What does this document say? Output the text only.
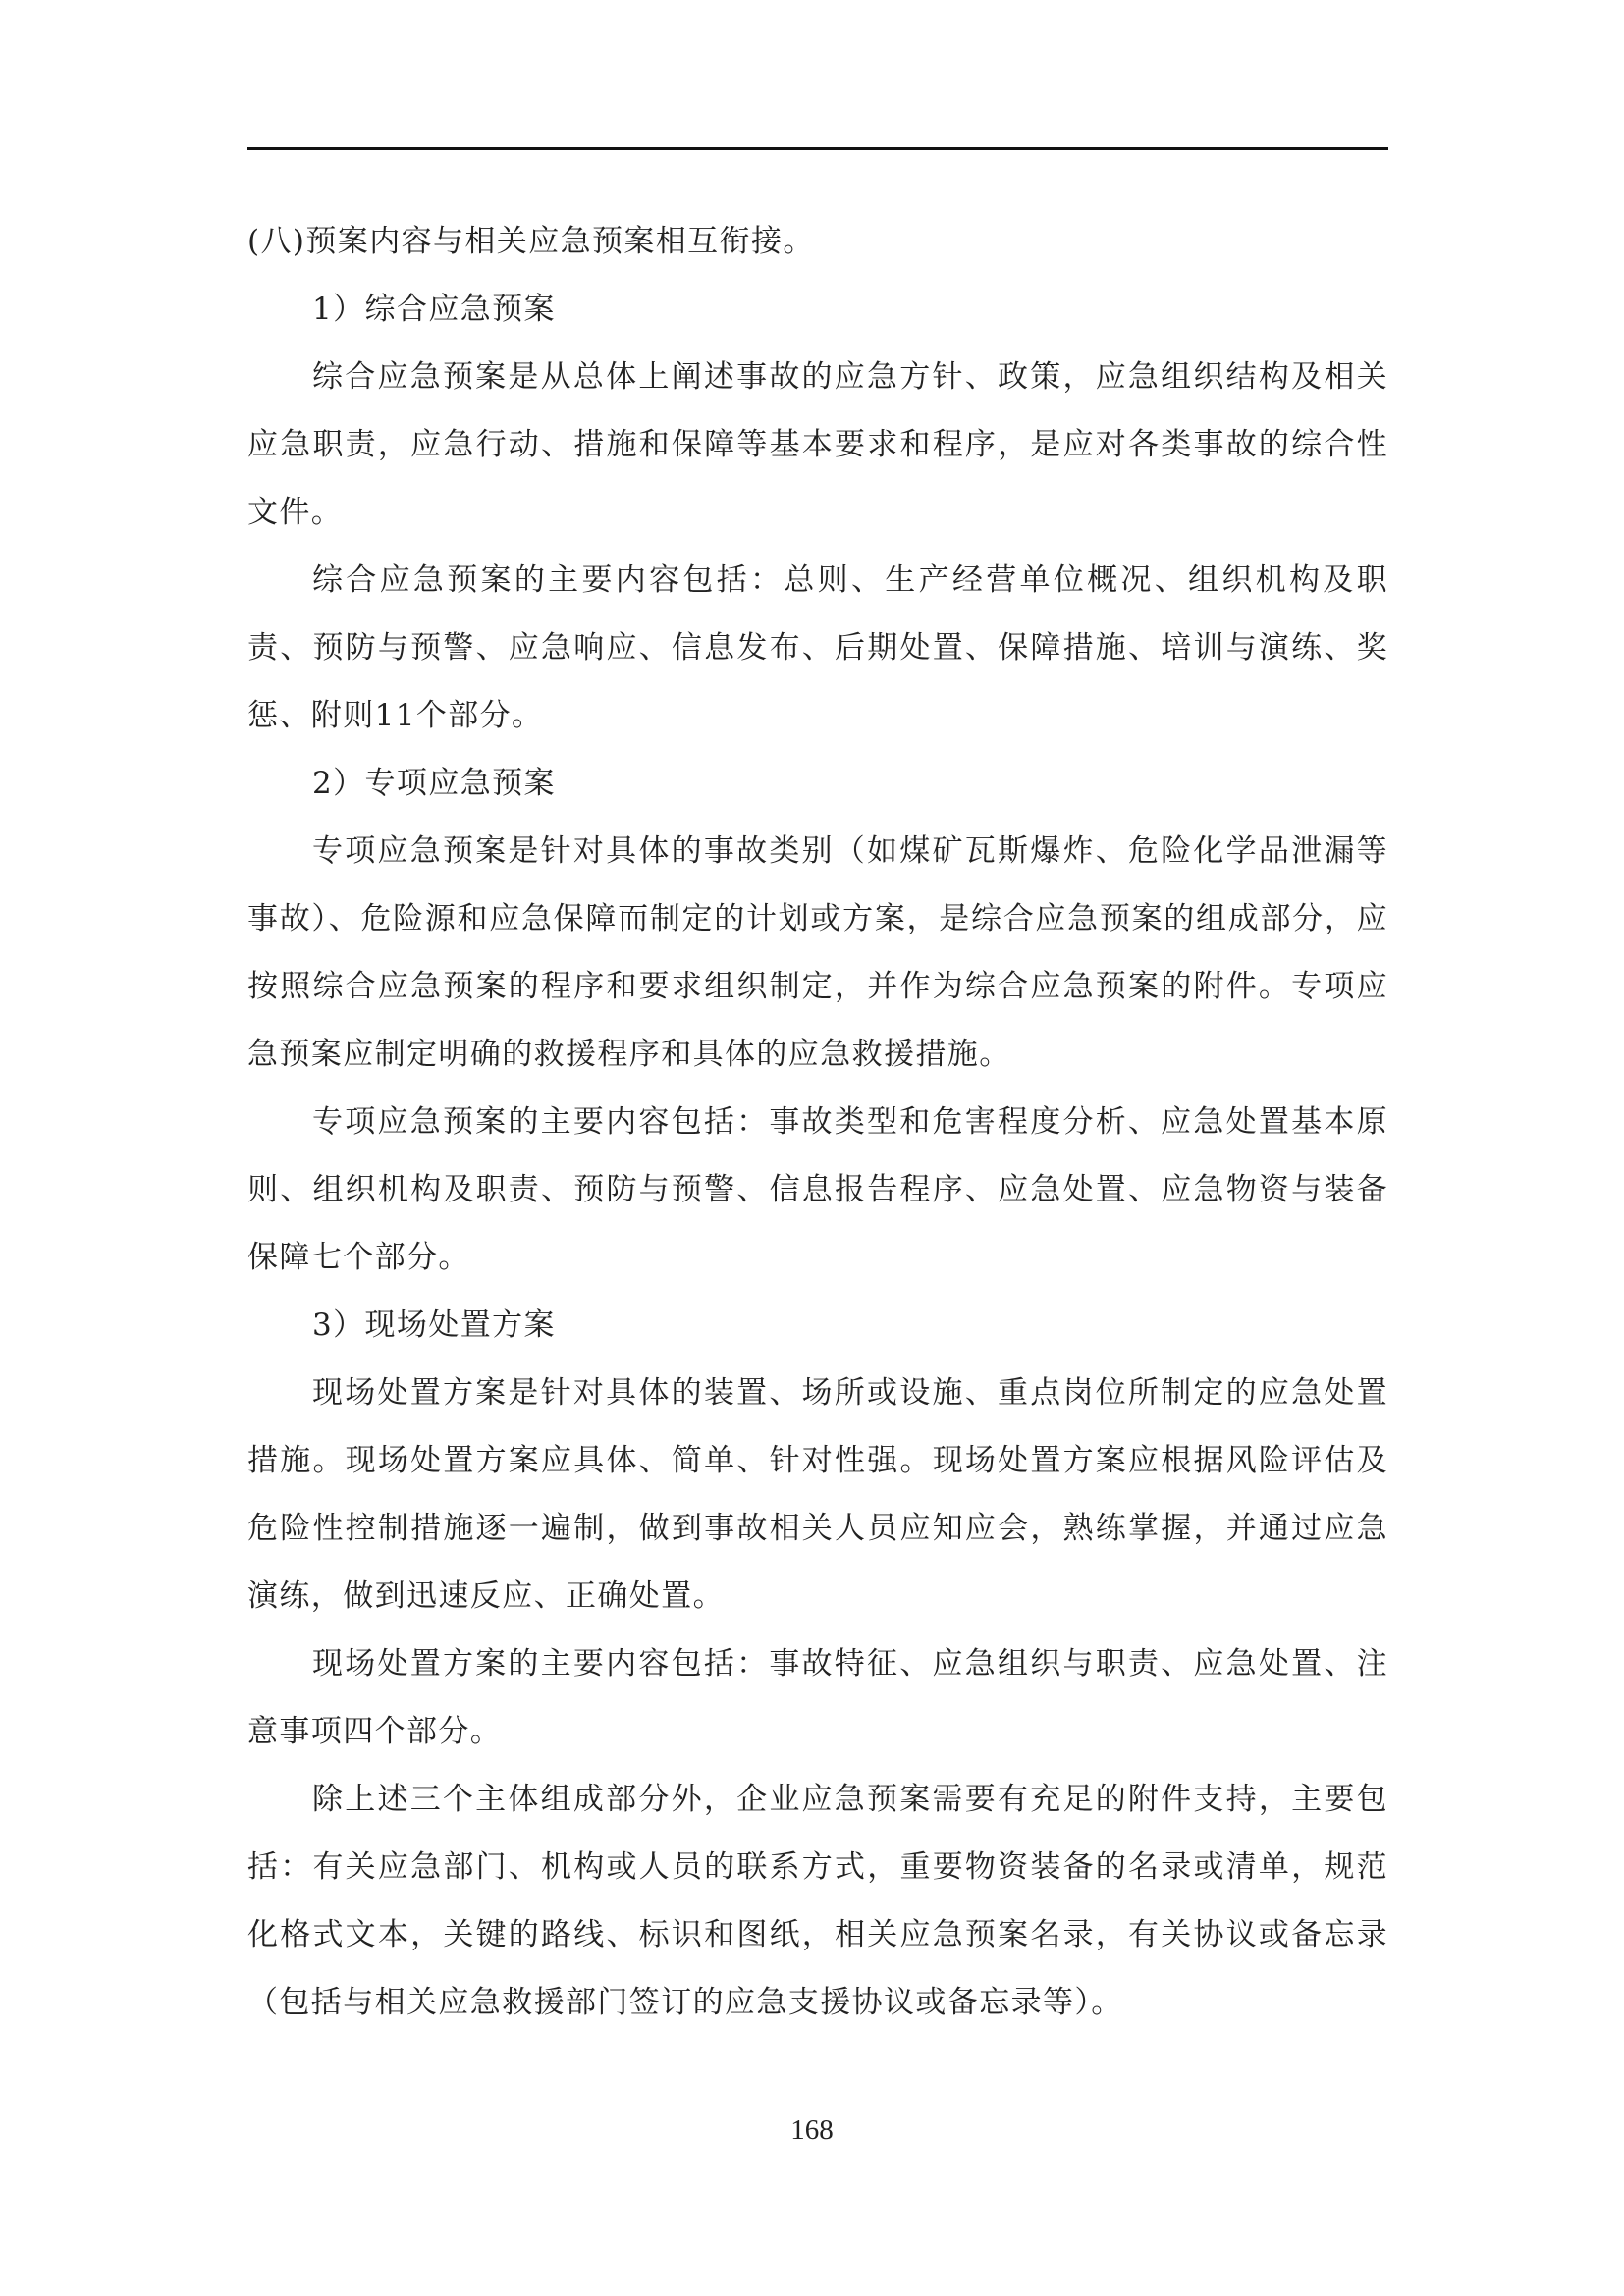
(八)预案内容与相关应急预案相互衔接。

1）综合应急预案

综合应急预案是从总体上阐述事故的应急方针、政策，应急组织结构及相关应急职责，应急行动、措施和保障等基本要求和程序，是应对各类事故的综合性文件。

综合应急预案的主要内容包括：总则、生产经营单位概况、组织机构及职责、预防与预警、应急响应、信息发布、后期处置、保障措施、培训与演练、奖惩、附则11个部分。

2）专项应急预案

专项应急预案是针对具体的事故类别（如煤矿瓦斯爆炸、危险化学品泄漏等事故）、危险源和应急保障而制定的计划或方案，是综合应急预案的组成部分，应按照综合应急预案的程序和要求组织制定，并作为综合应急预案的附件。专项应急预案应制定明确的救援程序和具体的应急救援措施。

专项应急预案的主要内容包括：事故类型和危害程度分析、应急处置基本原则、组织机构及职责、预防与预警、信息报告程序、应急处置、应急物资与装备保障七个部分。

3）现场处置方案

现场处置方案是针对具体的装置、场所或设施、重点岗位所制定的应急处置措施。现场处置方案应具体、简单、针对性强。现场处置方案应根据风险评估及危险性控制措施逐一遍制，做到事故相关人员应知应会，熟练掌握，并通过应急演练，做到迅速反应、正确处置。

现场处置方案的主要内容包括：事故特征、应急组织与职责、应急处置、注意事项四个部分。

除上述三个主体组成部分外，企业应急预案需要有充足的附件支持，主要包括：有关应急部门、机构或人员的联系方式，重要物资装备的名录或清单，规范化格式文本，关键的路线、标识和图纸，相关应急预案名录，有关协议或备忘录（包括与相关应急救援部门签订的应急支援协议或备忘录等）。

168
